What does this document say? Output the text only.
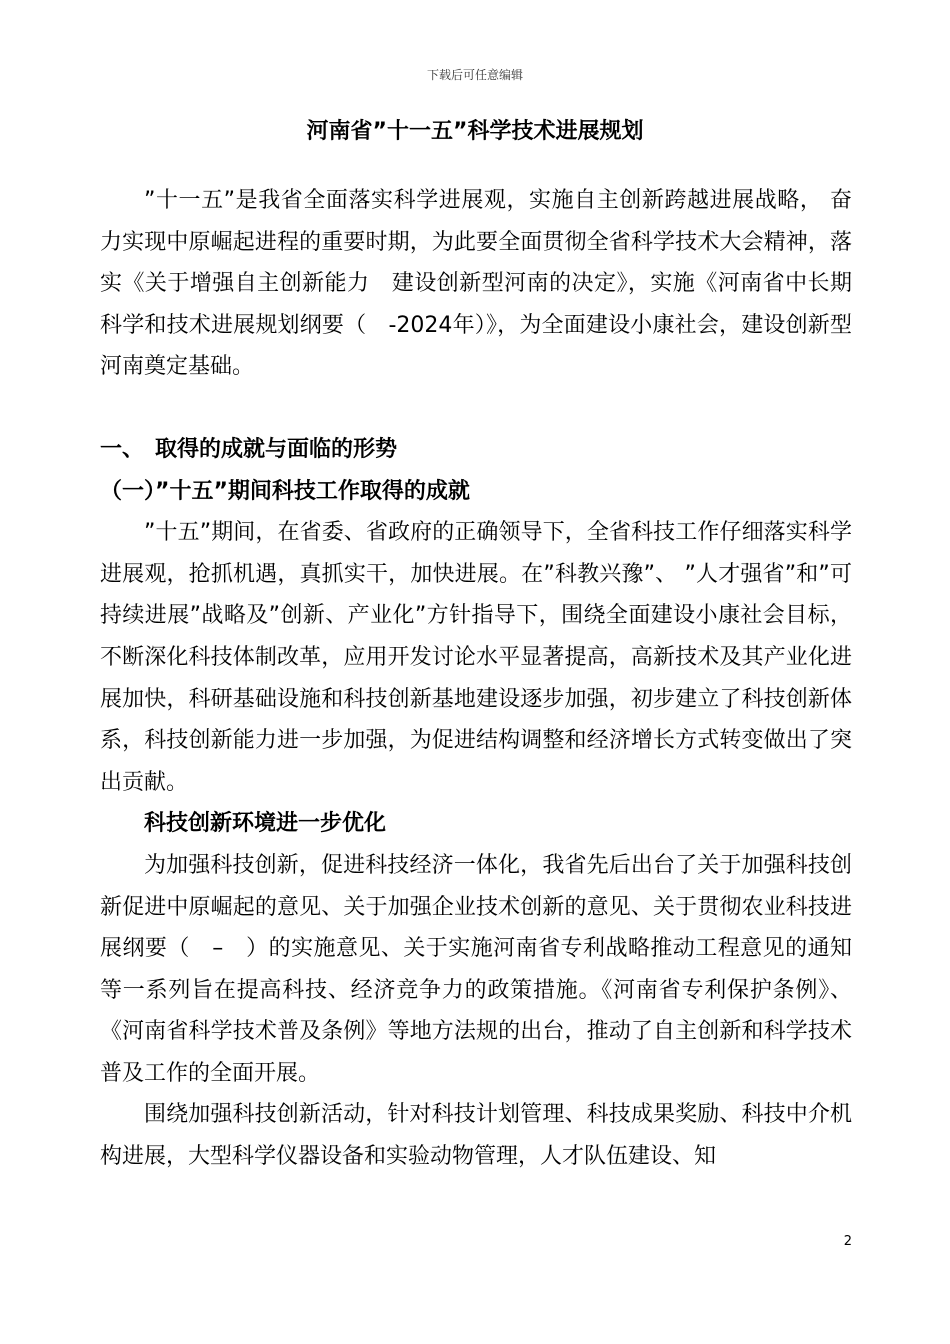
下载后可任意编辑
河南省”十一五”科学技术进展规划

”十一五”是我省全面落实科学进展观，实施自主创新跨越进展战略， 奋力实现中原崛起进程的重要时期，为此要全面贯彻全省科学技术大会精神，落实《关于增强自主创新能力　建设创新型河南的决定》，实施《河南省中长期科学和技术进展规划纲要（　-2024年）》，为全面建设小康社会，建设创新型河南奠定基础。

一、　取得的成就与面临的形势

（一）”十五”期间科技工作取得的成就

”十五”期间，在省委、省政府的正确领导下，全省科技工作仔细落实科学进展观，抢抓机遇，真抓实干，加快进展。在”科教兴豫”、 ”人才强省”和”可持续进展”战略及”创新、产业化”方针指导下，围绕全面建设小康社会目标，不断深化科技体制改革，应用开发讨论水平显著提高，高新技术及其产业化进展加快，科研基础设施和科技创新基地建设逐步加强，初步建立了科技创新体系，科技创新能力进一步加强，为促进结构调整和经济增长方式转变做出了突出贡献。

科技创新环境进一步优化

为加强科技创新，促进科技经济一体化，我省先后出台了关于加强科技创新促进中原崛起的意见、关于加强企业技术创新的意见、关于贯彻农业科技进展纲要（　–　）的实施意见、关于实施河南省专利战略推动工程意见的通知等一系列旨在提高科技、经济竞争力的政策措施。《河南省专利保护条例》、《河南省科学技术普及条例》等地方法规的出台，推动了自主创新和科学技术普及工作的全面开展。

围绕加强科技创新活动，针对科技计划管理、科技成果奖励、科技中介机构进展，大型科学仪器设备和实验动物管理，人才队伍建设、知

2
